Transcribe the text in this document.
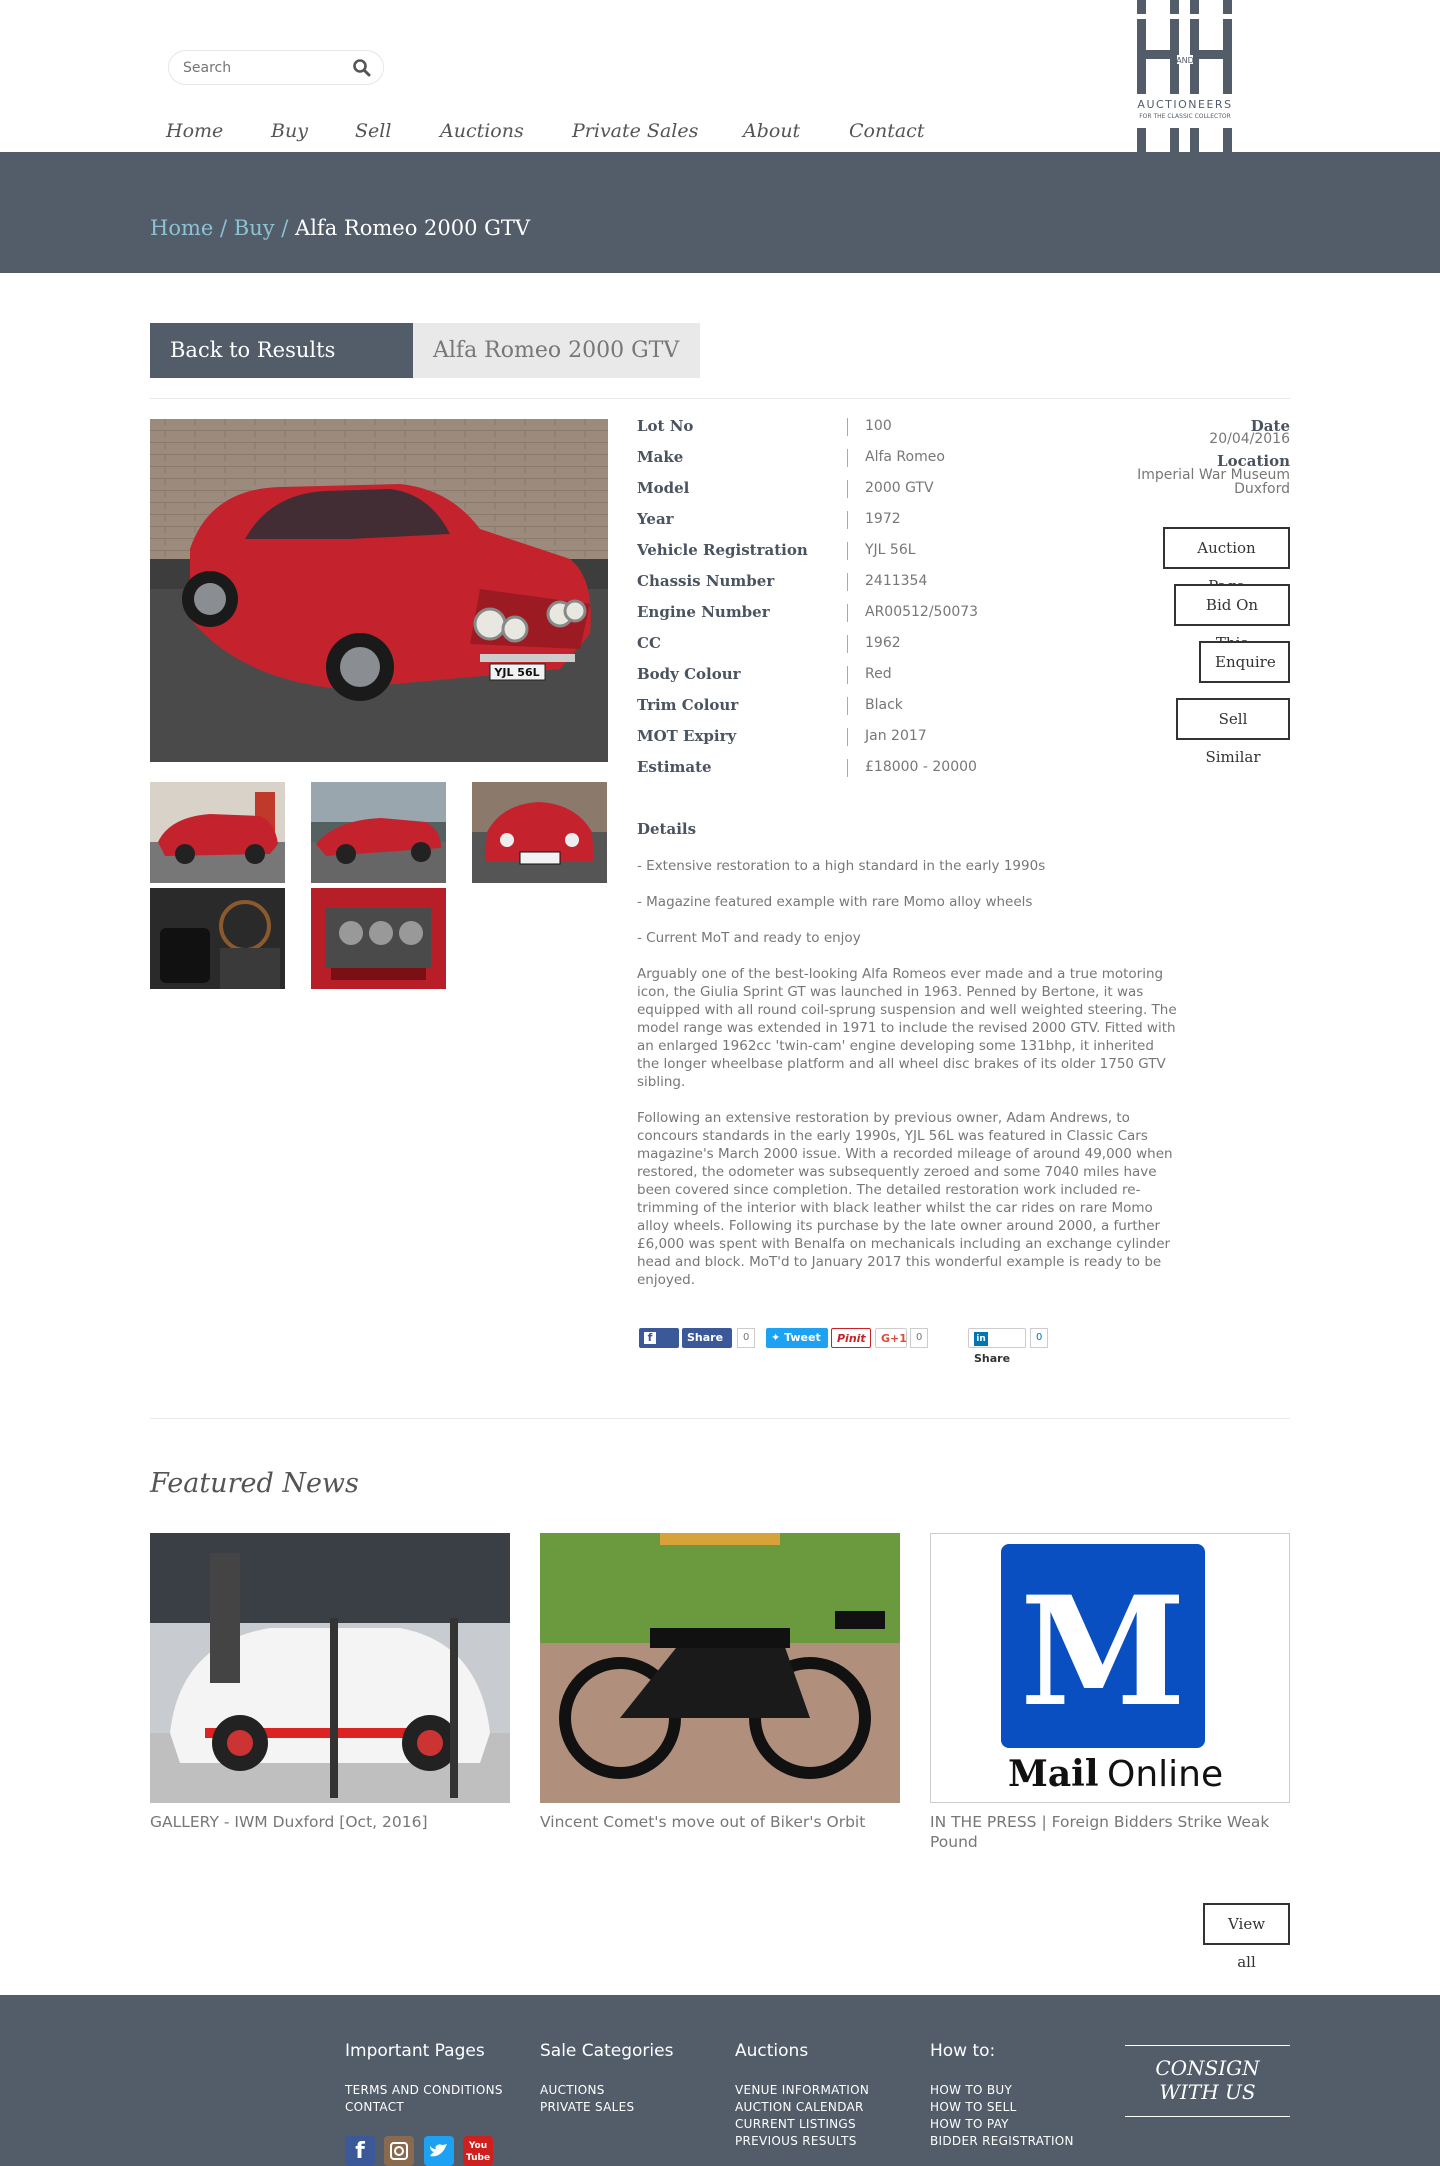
Search
Home	Buy	Sell	Auctions	Private Sales	About	Contact
AND
AUCTIONEERS
FOR THE CLASSIC COLLECTOR
Home / Buy / Alfa Romeo 2000 GTV
Back to Results	Alfa Romeo 2000 GTV
YJL 56L
Lot No	100
Make	Alfa Romeo
Model	2000 GTV
Year	1972
Vehicle Registration	YJL 56L
Chassis Number	2411354
Engine Number	AR00512/50073
CC	1962
Body Colour	Red
Trim Colour	Black
MOT Expiry	Jan 2017
Estimate	£18000 - 20000
Date
20/04/2016
Location
Imperial War Museum
Duxford
Auction
Bid On
Enquire
Sell Similar
Details
- Extensive restoration to a high standard in the early 1990s
- Magazine featured example with rare Momo alloy wheels
- Current MoT and ready to enjoy
Arguably one of the best-looking Alfa Romeos ever made and a true motoring icon, the Giulia Sprint GT was launched in 1963. Penned by Bertone, it was equipped with all round coil-sprung suspension and well weighted steering. The model range was extended in 1971 to include the revised 2000 GTV. Fitted with an enlarged 1962cc 'twin-cam' engine developing some 131bhp, it inherited the longer wheelbase platform and all wheel disc brakes of its older 1750 GTV sibling.
Following an extensive restoration by previous owner, Adam Andrews, to concours standards in the early 1990s, YJL 56L was featured in Classic Cars magazine's March 2000 issue. With a recorded mileage of around 49,000 when restored, the odometer was subsequently zeroed and some 7040 miles have been covered since completion. The detailed restoration work included re-trimming of the interior with black leather whilst the car rides on rare Momo alloy wheels. Following its purchase by the late owner around 2000, a further £6,000 was spent with Benalfa on mechanicals including an exchange cylinder head and block. MoT'd to January 2017 this wonderful example is ready to be enjoyed.
fLike
Share	0	✦ Tweet	Pinit	G+1 0	in Share
0
Featured News
M
Mail Online
GALLERY - IWM Duxford [Oct, 2016]	Vincent Comet's move out of Biker's Orbit	IN THE PRESS | Foreign Bidders Strike Weak Pound
View all
Important Pages
TERMS AND CONDITIONS
CONTACT
Sale Categories
AUCTIONS
PRIVATE SALES
Auctions
VENUE INFORMATION
AUCTION CALENDAR
CURRENT LISTINGS
PREVIOUS RESULTS
How to:
HOW TO BUY
HOW TO SELL
HOW TO PAY
BIDDER REGISTRATION
CONSIGN
WITH US
f	You
Tube
